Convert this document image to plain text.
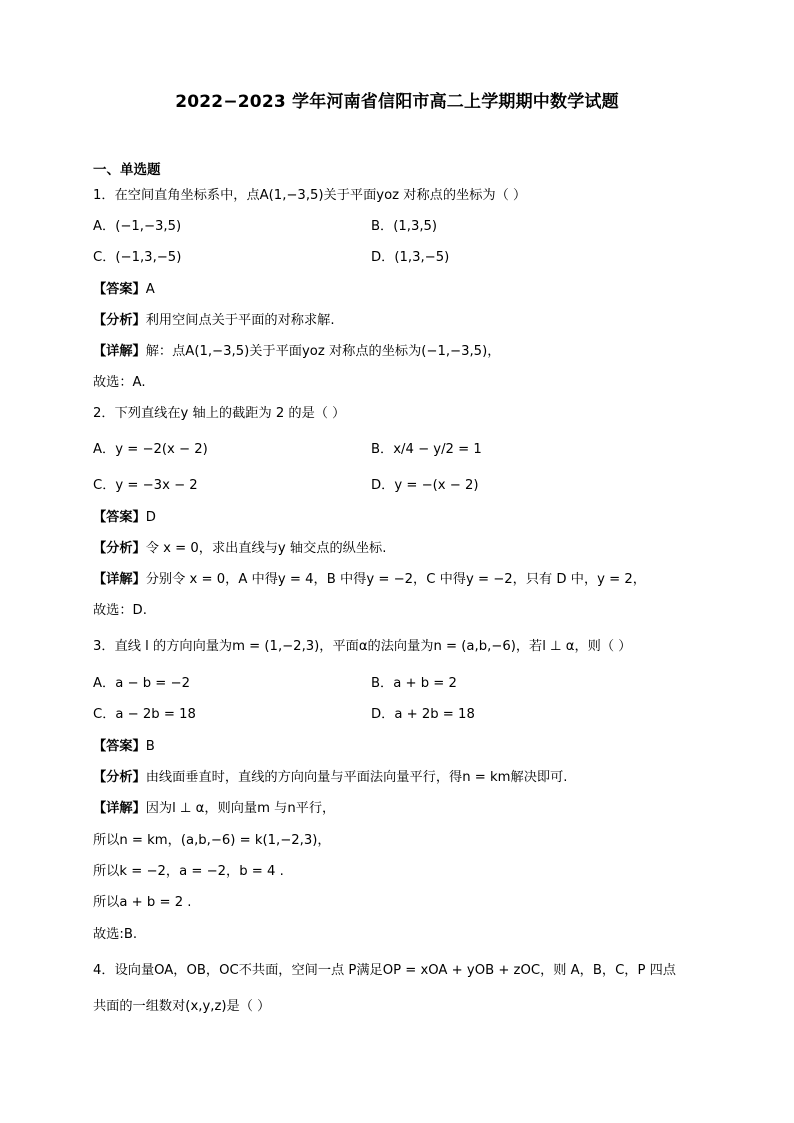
2022−2023 学年河南省信阳市高二上学期期中数学试题
一、单选题
1．在空间直角坐标系中，点A(1,−3,5)关于平面yoz 对称点的坐标为（ ）
A．(−1,−3,5)	B．(1,3,5)
C．(−1,3,−5)	D．(1,3,−5)
【答案】A
【分析】利用空间点关于平面的对称求解.
【详解】解：点A(1,−3,5)关于平面yoz 对称点的坐标为(−1,−3,5)，
故选：A.
2．下列直线在y 轴上的截距为 2 的是（ ）
A．y = −2(x − 2)	B．x/4 − y/2 = 1
C．y = −3x − 2	D．y = −(x − 2)
【答案】D
【分析】令 x = 0，求出直线与y 轴交点的纵坐标.
【详解】分别令 x = 0，A 中得y = 4，B 中得y = −2，C 中得y = −2，只有 D 中，y = 2，
故选：D.
3．直线 l 的方向向量为m = (1,−2,3)，平面α的法向量为n = (a,b,−6)，若l ⊥ α，则（ ）
A．a − b = −2	B．a + b = 2
C．a − 2b = 18	D．a + 2b = 18
【答案】B
【分析】由线面垂直时，直线的方向向量与平面法向量平行，得n = km解决即可.
【详解】因为l ⊥ α，则向量m 与n平行，
所以n = km，(a,b,−6) = k(1,−2,3)，
所以k = −2，a = −2，b = 4 .
所以a + b = 2 .
故选:B.
4．设向量OA，OB，OC不共面，空间一点 P满足OP = xOA + yOB + zOC，则 A，B，C，P 四点
共面的一组数对(x,y,z)是（ ）
